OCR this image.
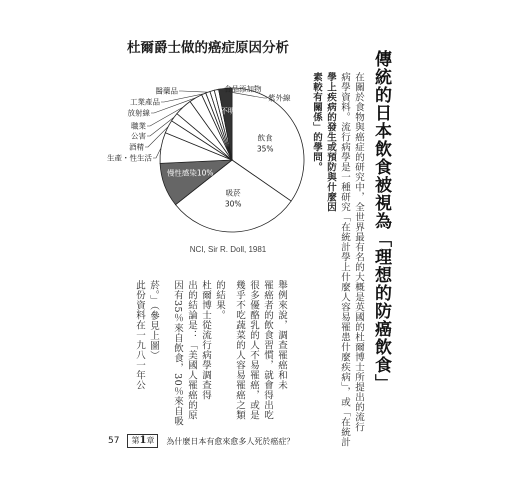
杜爾爵士做的癌症原因分析
飲食
35%
吸菸
30%
慢性感染10%
生產・性生活
酒精
公害
職業
放射線
工業產品
醫藥品	食品添加物
紫外線
不明
NCI, Sir R. Doll, 1981	傳統的日本飲食被視為「理想的防癌飲食」
在關於食物與癌症的研究中，全世界最有名的大概是英國的杜爾博士所提出的流行
病學資料。流行病學是一種研究「在統計學上什麼人容易罹患什麼疾病」，或「在統計
學上疾病的發生或預防與什麼因
素較有關係」的學問。
舉例來說，調查罹癌和未
罹癌者的飲食習慣，就會得出吃
很多優酪乳的人不易罹癌，或是
幾乎不吃蔬菜的人容易罹癌之類
的結果。
杜爾博士從流行病學調查得
出的結論是：「美國人罹癌的原
因有35％來自飲食，30％來自吸
菸。」（參見上圖）
此份資料在一九八一年公
57	第1章	為什麼日本有愈來愈多人死於癌症？
